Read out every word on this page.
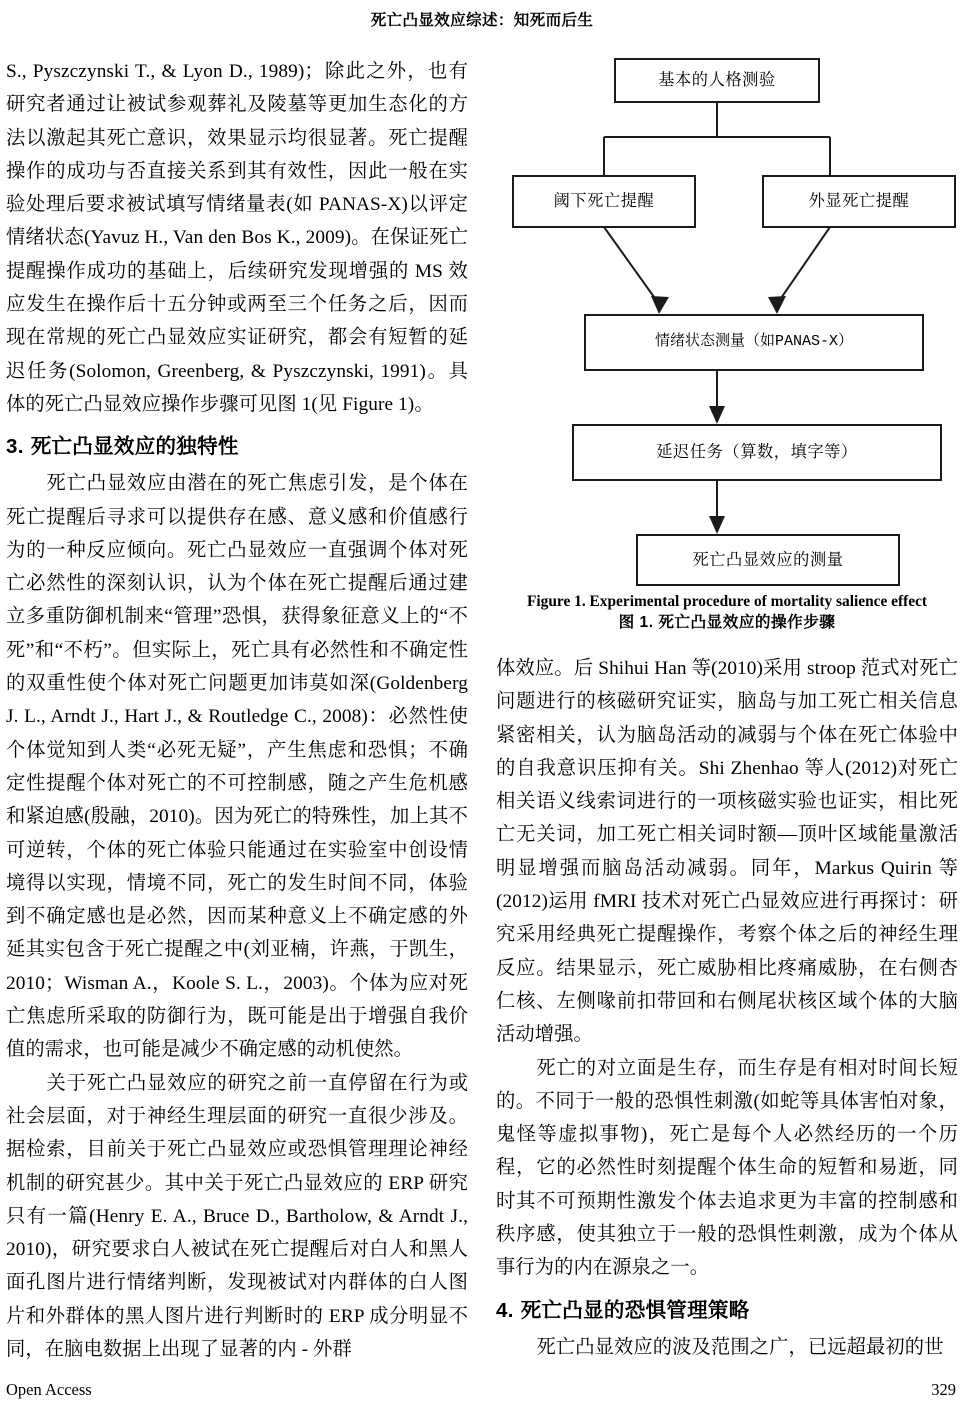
死亡凸显效应综述：知死而后生

S., Pyszczynski T., & Lyon D., 1989)；除此之外，也有研究者通过让被试参观葬礼及陵墓等更加生态化的方法以激起其死亡意识，效果显示均很显著。死亡提醒操作的成功与否直接关系到其有效性，因此一般在实验处理后要求被试填写情绪量表(如 PANAS-X)以评定情绪状态(Yavuz H., Van den Bos K., 2009)。在保证死亡提醒操作成功的基础上，后续研究发现增强的 MS 效应发生在操作后十五分钟或两至三个任务之后，因而现在常规的死亡凸显效应实证研究，都会有短暂的延迟任务(Solomon, Greenberg, & Pyszczynski, 1991)。具体的死亡凸显效应操作步骤可见图 1(见 Figure 1)。

3. 死亡凸显效应的独特性

死亡凸显效应由潜在的死亡焦虑引发，是个体在死亡提醒后寻求可以提供存在感、意义感和价值感行为的一种反应倾向。死亡凸显效应一直强调个体对死亡必然性的深刻认识，认为个体在死亡提醒后通过建立多重防御机制来“管理”恐惧，获得象征意义上的“不死”和“不朽”。但实际上，死亡具有必然性和不确定性的双重性使个体对死亡问题更加讳莫如深(Goldenberg J. L., Arndt J., Hart J., & Routledge C., 2008)：必然性使个体觉知到人类“必死无疑”，产生焦虑和恐惧；不确定性提醒个体对死亡的不可控制感，随之产生危机感和紧迫感(殷融，2010)。因为死亡的特殊性，加上其不可逆转，个体的死亡体验只能通过在实验室中创设情境得以实现，情境不同，死亡的发生时间不同，体验到不确定感也是必然，因而某种意义上不确定感的外延其实包含于死亡提醒之中(刘亚楠，许燕，于凯生，2010；Wisman A.，Koole S. L.，2003)。个体为应对死亡焦虑所采取的防御行为，既可能是出于增强自我价值的需求，也可能是减少不确定感的动机使然。

关于死亡凸显效应的研究之前一直停留在行为或社会层面，对于神经生理层面的研究一直很少涉及。据检索，目前关于死亡凸显效应或恐惧管理理论神经机制的研究甚少。其中关于死亡凸显效应的 ERP 研究只有一篇(Henry E. A., Bruce D., Bartholow, & Arndt J., 2010)，研究要求白人被试在死亡提醒后对白人和黑人面孔图片进行情绪判断，发现被试对内群体的白人图片和外群体的黑人图片进行判断时的 ERP 成分明显不同，在脑电数据上出现了显著的内 - 外群

基本的人格测验
阈下死亡提醒	外显死亡提醒
情绪状态测量（如PANAS-X）
延迟任务（算数，填字等）
死亡凸显效应的测量
Figure 1. Experimental procedure of mortality salience effect
图 1. 死亡凸显效应的操作步骤

体效应。后 Shihui Han 等(2010)采用 stroop 范式对死亡问题进行的核磁研究证实，脑岛与加工死亡相关信息紧密相关，认为脑岛活动的减弱与个体在死亡体验中的自我意识压抑有关。Shi Zhenhao 等人(2012)对死亡相关语义线索词进行的一项核磁实验也证实，相比死亡无关词，加工死亡相关词时额—顶叶区域能量激活明显增强而脑岛活动减弱。同年，Markus Quirin 等(2012)运用 fMRI 技术对死亡凸显效应进行再探讨：研究采用经典死亡提醒操作，考察个体之后的神经生理反应。结果显示，死亡威胁相比疼痛威胁，在右侧杏仁核、左侧喙前扣带回和右侧尾状核区域个体的大脑活动增强。

死亡的对立面是生存，而生存是有相对时间长短的。不同于一般的恐惧性刺激(如蛇等具体害怕对象，鬼怪等虚拟事物)，死亡是每个人必然经历的一个历程，它的必然性时刻提醒个体生命的短暂和易逝，同时其不可预期性激发个体去追求更为丰富的控制感和秩序感，使其独立于一般的恐惧性刺激，成为个体从事行为的内在源泉之一。

4. 死亡凸显的恐惧管理策略

死亡凸显效应的波及范围之广，已远超最初的世

Open Access	329
